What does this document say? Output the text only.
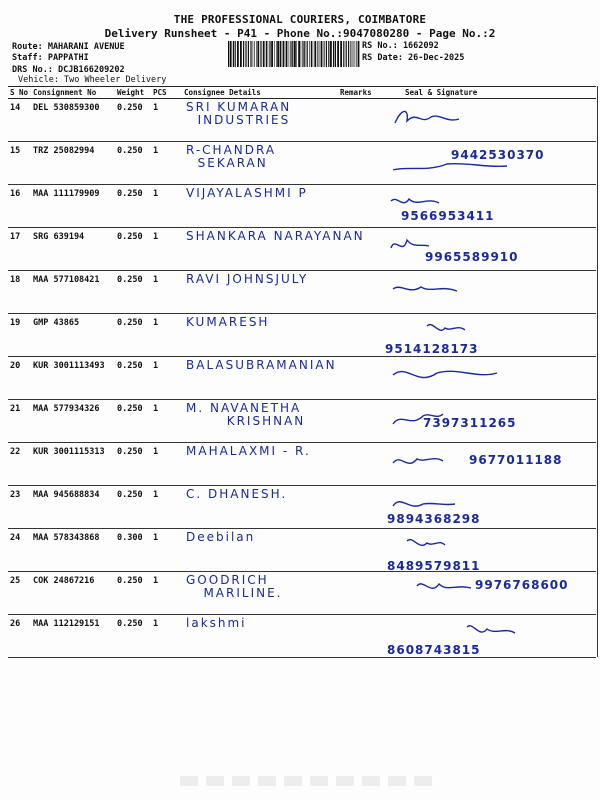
THE PROFESSIONAL COURIERS, COIMBATORE
Delivery Runsheet - P41 - Phone No.:9047080280 - Page No.:2
Route: MAHARANI AVENUE
Staff: PAPPATHI
DRS No.: DCJB166209202
Vehicle: Two Wheeler Delivery
RS No.: 1662092
RS Date: 26-Dec-2025
S No	Consignment No	Weight	PCS	Consignee Details	Remarks	Seal & Signature
14	DEL 530859300	0.250	1	SRI KUMARAN
INDUSTRIES

15	TRZ 25082994	0.250	1	R-CHANDRA
SEKARAN		9442530370

16	MAA 111179909	0.250	1	VIJAYALASHMI P		9566953411

17	SRG 639194	0.250	1	SHANKARA NARAYANAN		9965589910

18	MAA 577108421	0.250	1	RAVI JOHNSJULY

19	GMP 43865	0.250	1	KUMARESH		9514128173

20	KUR 3001113493	0.250	1	BALASUBRAMANIAN

21	MAA 577934326	0.250	1	M. NAVANETHA
KRISHNAN		7397311265

22	KUR 3001115313	0.250	1	MAHALAXMI - R.		9677011188

23	MAA 945688834	0.250	1	C. DHANESH.		9894368298

24	MAA 578343868	0.300	1	Deebilan		8489579811

25	COK 24867216	0.250	1	GOODRICH
MARILINE.		9976768600

26	MAA 112129151	0.250	1	lakshmi		8608743815
